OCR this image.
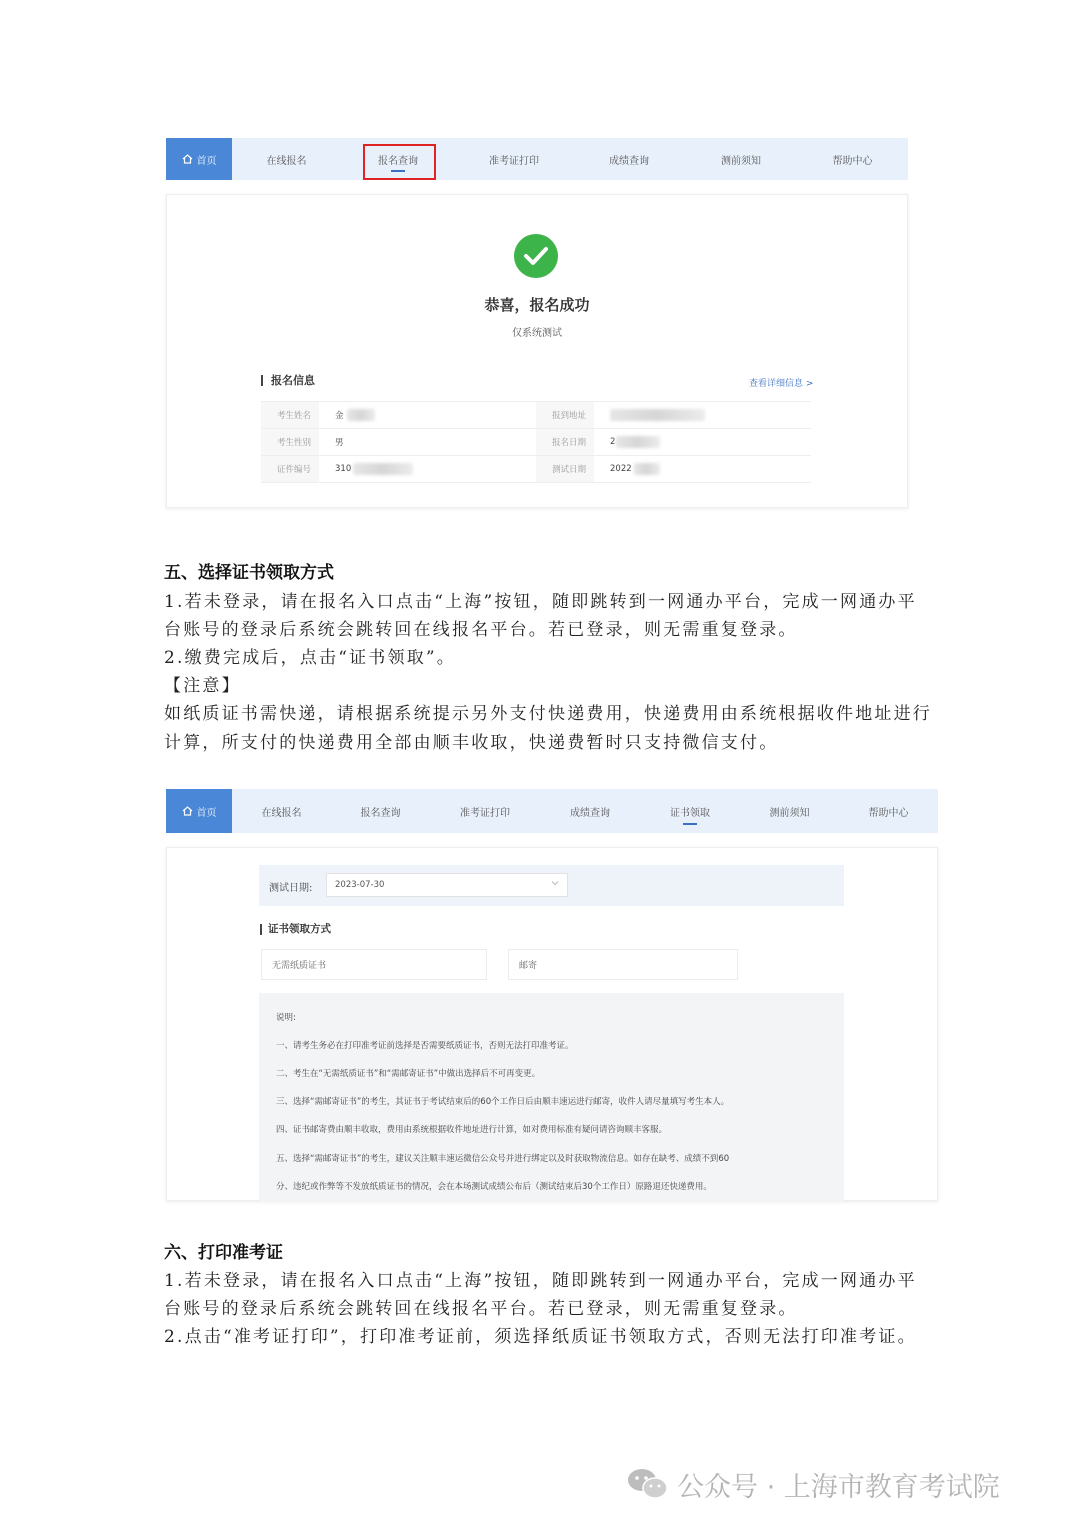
首页	在线报名	报名查询	准考证打印	成绩查询	测前须知	帮助中心
恭喜，报名成功
仅系统测试
报名信息	查看详细信息 >
考生姓名	金	报到地址
考生性别	男	报名日期	2
证件编号	310	测试日期	2022
五、选择证书领取方式
1.若未登录，请在报名入口点击“上海”按钮，随即跳转到一网通办平台，完成一网通办平
台账号的登录后系统会跳转回在线报名平台。若已登录，则无需重复登录。
2.缴费完成后，点击“证书领取”。
【注意】
如纸质证书需快递，请根据系统提示另外支付快递费用，快递费用由系统根据收件地址进行
计算，所支付的快递费用全部由顺丰收取，快递费暂时只支持微信支付。
首页	在线报名	报名查询	准考证打印	成绩查询	证书领取	测前须知	帮助中心
测试日期:	2023-07-30
证书领取方式
无需纸质证书	邮寄
说明:
一、请考生务必在打印准考证前选择是否需要纸质证书，否则无法打印准考证。
二、考生在“无需纸质证书”和“需邮寄证书”中做出选择后不可再变更。
三、选择“需邮寄证书”的考生，其证书于考试结束后的60个工作日后由顺丰速运进行邮寄，收件人请尽量填写考生本人。
四、证书邮寄费由顺丰收取，费用由系统根据收件地址进行计算，如对费用标准有疑问请咨询顺丰客服。
五、选择“需邮寄证书”的考生，建议关注顺丰速运微信公众号并进行绑定以及时获取物流信息。如存在缺考、成绩不到60
分、违纪或作弊等不发放纸质证书的情况，会在本场测试成绩公布后（测试结束后30个工作日）原路退还快递费用。
六、打印准考证
1.若未登录，请在报名入口点击“上海”按钮，随即跳转到一网通办平台，完成一网通办平
台账号的登录后系统会跳转回在线报名平台。若已登录，则无需重复登录。
2.点击“准考证打印”，打印准考证前，须选择纸质证书领取方式，否则无法打印准考证。
公众号 · 上海市教育考试院
